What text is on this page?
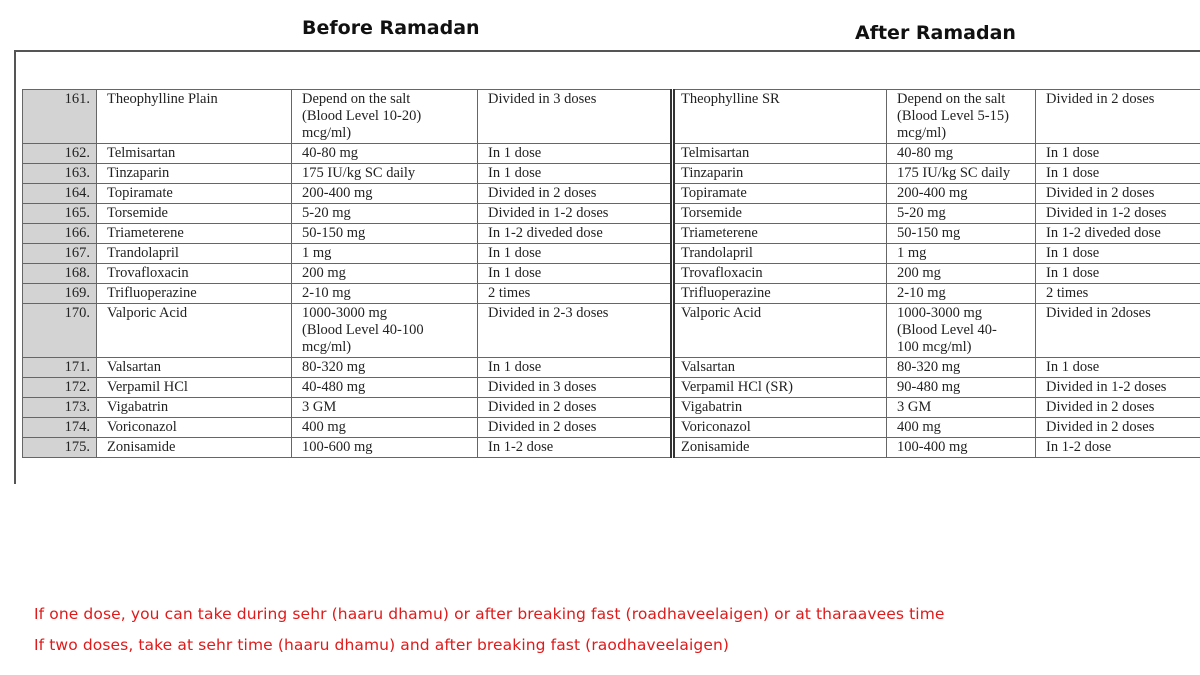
Before Ramadan	After Ramadan
161.	Theophylline Plain	Depend on the salt
(Blood Level 10-20)
mcg/ml)	Divided in 3 doses	Theophylline SR	Depend on the salt
(Blood Level 5-15)
mcg/ml)	Divided in 2 doses
162.	Telmisartan	40-80 mg	In 1 dose	Telmisartan	40-80 mg	In 1 dose
163.	Tinzaparin	175 IU/kg SC daily	In 1 dose	Tinzaparin	175 IU/kg SC daily	In 1 dose
164.	Topiramate	200-400 mg	Divided in 2 doses	Topiramate	200-400 mg	Divided in 2 doses
165.	Torsemide	5-20 mg	Divided in 1-2 doses	Torsemide	5-20 mg	Divided in 1-2 doses
166.	Triameterene	50-150 mg	In 1-2 diveded dose	Triameterene	50-150 mg	In 1-2 diveded dose
167.	Trandolapril	1 mg	In 1 dose	Trandolapril	1 mg	In 1 dose
168.	Trovafloxacin	200 mg	In 1 dose	Trovafloxacin	200 mg	In 1 dose
169.	Trifluoperazine	2-10 mg	2 times	Trifluoperazine	2-10 mg	2 times
170.	Valporic Acid	1000-3000 mg
(Blood Level 40-100
mcg/ml)	Divided in 2-3 doses	Valporic Acid	1000-3000 mg
(Blood Level 40-
100 mcg/ml)	Divided in 2doses
171.	Valsartan	80-320 mg	In 1 dose	Valsartan	80-320 mg	In 1 dose
172.	Verpamil HCl	40-480 mg	Divided in 3 doses	Verpamil HCl (SR)	90-480 mg	Divided in 1-2 doses
173.	Vigabatrin	3 GM	Divided in 2 doses	Vigabatrin	3 GM	Divided in 2 doses
174.	Voriconazol	400 mg	Divided in 2 doses	Voriconazol	400 mg	Divided in 2 doses
175.	Zonisamide	100-600 mg	In 1-2 dose	Zonisamide	100-400 mg	In 1-2 dose
If one dose, you can take during sehr (haaru dhamu) or after breaking fast (roadhaveelaigen) or at tharaavees time
If two doses, take at sehr time (haaru dhamu) and after breaking fast (raodhaveelaigen)
